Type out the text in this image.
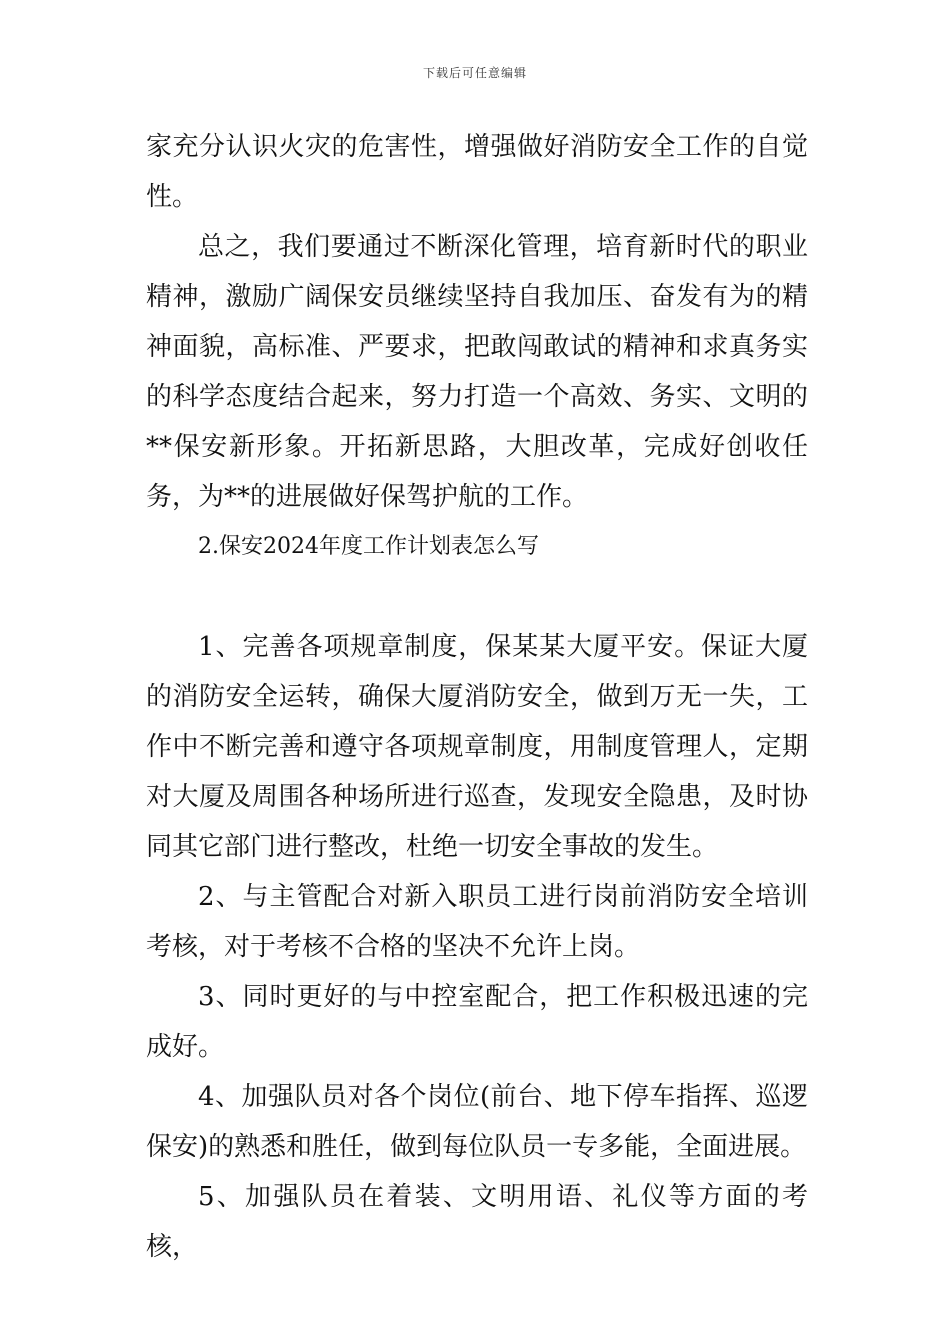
下载后可任意编辑

家充分认识火灾的危害性，增强做好消防安全工作的自觉性。

总之，我们要通过不断深化管理，培育新时代的职业精神，激励广阔保安员继续坚持自我加压、奋发有为的精神面貌，高标准、严要求，把敢闯敢试的精神和求真务实的科学态度结合起来，努力打造一个高效、务实、文明的**保安新形象。开拓新思路，大胆改革，完成好创收任务，为**的进展做好保驾护航的工作。

2.保安2024年度工作计划表怎么写

1、完善各项规章制度，保某某大厦平安。保证大厦的消防安全运转，确保大厦消防安全，做到万无一失，工作中不断完善和遵守各项规章制度，用制度管理人，定期对大厦及周围各种场所进行巡查，发现安全隐患，及时协同其它部门进行整改，杜绝一切安全事故的发生。

2、与主管配合对新入职员工进行岗前消防安全培训考核，对于考核不合格的坚决不允许上岗。

3、同时更好的与中控室配合，把工作积极迅速的完成好。

4、加强队员对各个岗位(前台、地下停车指挥、巡逻保安)的熟悉和胜任，做到每位队员一专多能，全面进展。

5、加强队员在着装、文明用语、礼仪等方面的考核，
